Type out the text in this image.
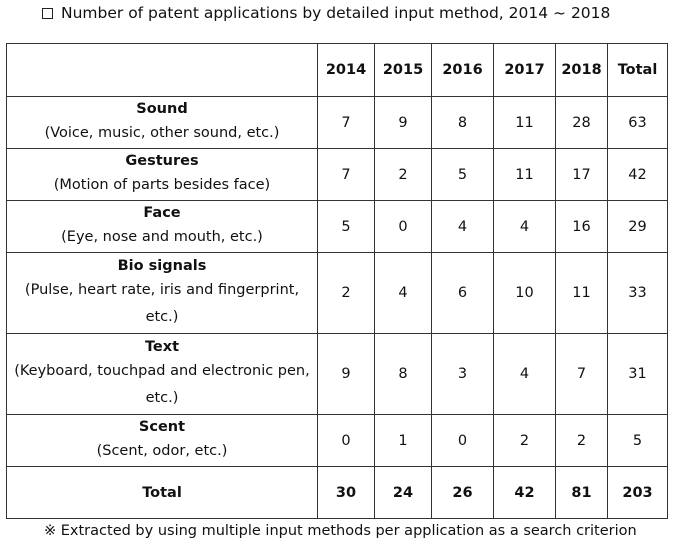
Number of patent applications by detailed input method, 2014 ~ 2018
	2014	2015	2016	2017	2018	Total

Sound
(Voice, music, other sound, etc.)	7	9	8	11	28	63

Gestures
(Motion of parts besides face)	7	2	5	11	17	42

Face
(Eye, nose and mouth, etc.)	5	0	4	4	16	29

Bio signals
(Pulse, heart rate, iris and fingerprint, etc.)	2	4	6	10	11	33

Text
(Keyboard, touchpad and electronic pen, etc.)	9	8	3	4	7	31

Scent
(Scent, odor, etc.)	0	1	0	2	2	5
Total	30	24	26	42	81	203
※ Extracted by using multiple input methods per application as a search criterion
